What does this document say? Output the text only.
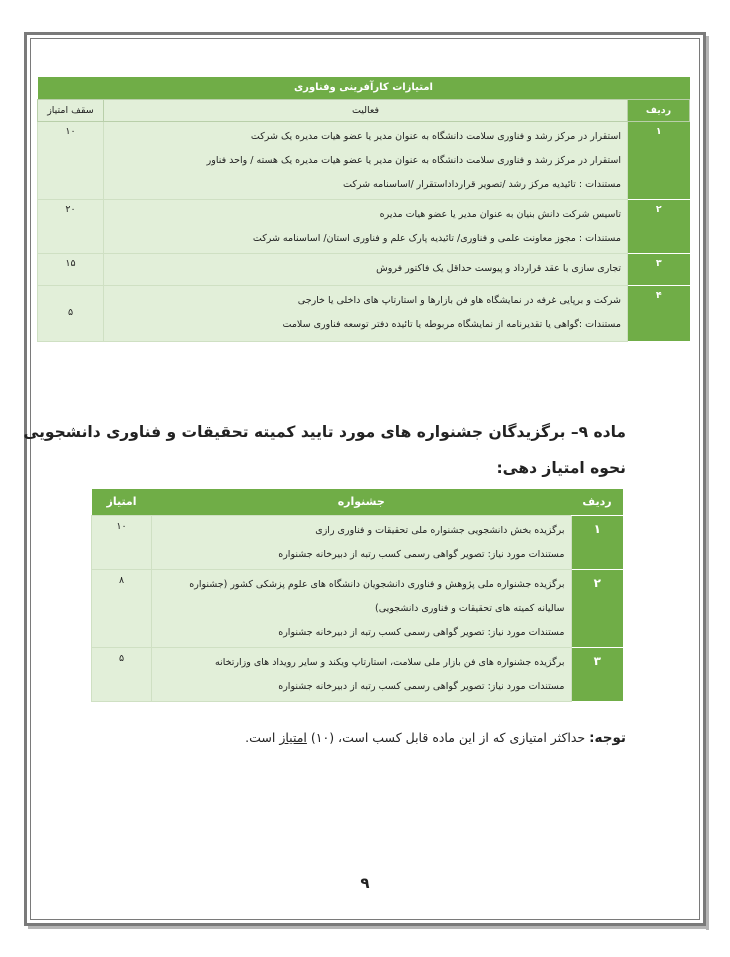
امتیازات کارآفرینی وفناوری		
ردیف	فعالیت	سقف امتیاز
۱	استقرار در مرکز رشد و فناوری سلامت دانشگاه به عنوان مدیر یا عضو هیات مدیره یک شرکت
استقرار در مرکز رشد و فناوری سلامت دانشگاه به عنوان مدیر یا عضو هیات مدیره یک هسته / واحد فناور
مستندات : تائیدیه مرکز رشد /تصویر قرارداداستقرار /اساسنامه شرکت	۱۰
۲	تاسیس شرکت دانش بنیان به عنوان مدیر یا عضو هیات مدیره
مستندات : مجوز معاونت علمی و فناوری/ تائیدیه پارک علم و فناوری استان/ اساسنامه شرکت	۲۰
۳	تجاری سازی با عقد قرارداد و پیوست حداقل یک فاکتور فروش	۱۵
۴	شرکت و برپایی غرفه در نمایشگاه هاو فن بازارها و استارتاپ های داخلی یا خارجی
مستندات :گواهی یا تقدیرنامه از نمایشگاه مربوطه یا تائیده دفتر توسعه فناوری سلامت	۵
ماده ۹– برگزیدگان جشنواره های مورد تایید کمیته تحقیقات و فناوری دانشجویی
نحوه امتیاز دهی:
ردیف	جشنواره	امتیاز
۱	برگزیده بخش دانشجویی جشنواره ملی تحقیقات و فناوری رازی
مستندات مورد نیاز: تصویر گواهی رسمی کسب رتبه از دبیرخانه جشنواره	۱۰
۲	برگزیده جشنواره ملی پژوهش و فناوری دانشجویان دانشگاه های علوم پزشکی کشور (جشنواره
سالیانه کمیته های تحقیقات و فناوری دانشجویی)
مستندات مورد نیاز: تصویر گواهی رسمی کسب رتبه از دبیرخانه جشنواره	۸
۳	برگزیده جشنواره های فن بازار ملی سلامت، استارتاپ ویکند و سایر رویداد های وزارتخانه
مستندات مورد نیاز: تصویر گواهی رسمی کسب رتبه از دبیرخانه جشنواره	۵
توجه: حداکثر امتیازی که از این ماده قابل کسب است، (۱۰) امتیاز است.
۹
